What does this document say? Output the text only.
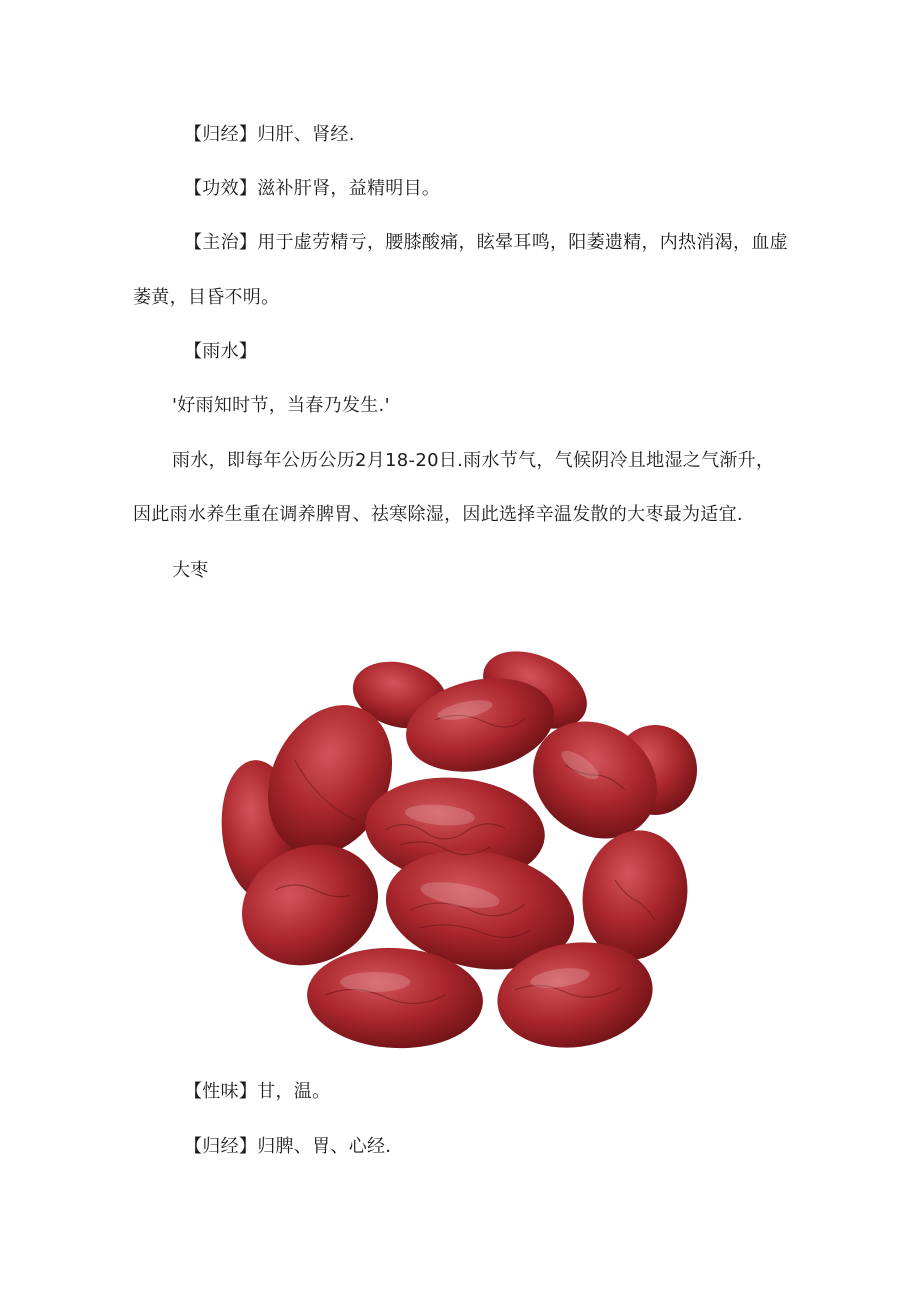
【归经】归肝、肾经.
【功效】滋补肝肾，益精明目。
【主治】用于虚劳精亏，腰膝酸痛，眩晕耳鸣，阳萎遗精，内热消渴，血虚
萎黄，目昏不明。
【雨水】
'好雨知时节，当春乃发生.'
雨水，即每年公历公历2月18-20日.雨水节气，气候阴冷且地湿之气渐升，
因此雨水养生重在调养脾胃、祛寒除湿，因此选择辛温发散的大枣最为适宜.
大枣
【性味】甘，温。
【归经】归脾、胃、心经.
